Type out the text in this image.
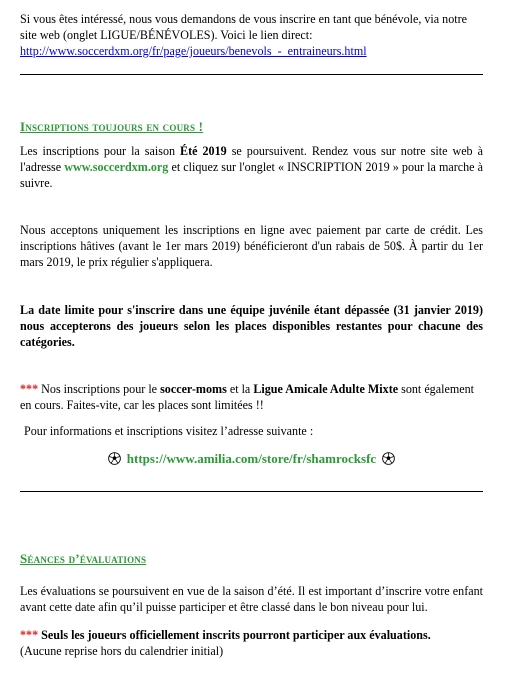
Si vous êtes intéressé, nous vous demandons de vous inscrire en tant que bénévole, via notre site web (onglet LIGUE/BÉNÉVOLES). Voici le lien direct:

http://www.soccerdxm.org/fr/page/joueurs/benevols_-_entraineurs.html

Inscriptions toujours en cours !

Les inscriptions pour la saison Été 2019 se poursuivent. Rendez vous sur notre site web à l'adresse www.soccerdxm.org et cliquez sur l'onglet « INSCRIPTION 2019 » pour la marche à suivre.

Nous acceptons uniquement les inscriptions en ligne avec paiement par carte de crédit. Les inscriptions hâtives (avant le 1er mars 2019) bénéficieront d'un rabais de 50$. À partir du 1er mars 2019, le prix régulier s'appliquera.

La date limite pour s'inscrire dans une équipe juvénile étant dépassée (31 janvier 2019) nous accepterons des joueurs selon les places disponibles restantes pour chacune des catégories.

*** Nos inscriptions pour le soccer-moms et la Ligue Amicale Adulte Mixte sont également en cours. Faites-vite, car les places sont limitées !!

Pour informations et inscriptions visitez l’adresse suivante :

https://www.amilia.com/store/fr/shamrocksfc

Séances d’évaluations

Les évaluations se poursuivent en vue de la saison d’été. Il est important d’inscrire votre enfant avant cette date afin qu’il puisse participer et être classé dans le bon niveau pour lui.

*** Seuls les joueurs officiellement inscrits pourront participer aux évaluations.

(Aucune reprise hors du calendrier initial)
